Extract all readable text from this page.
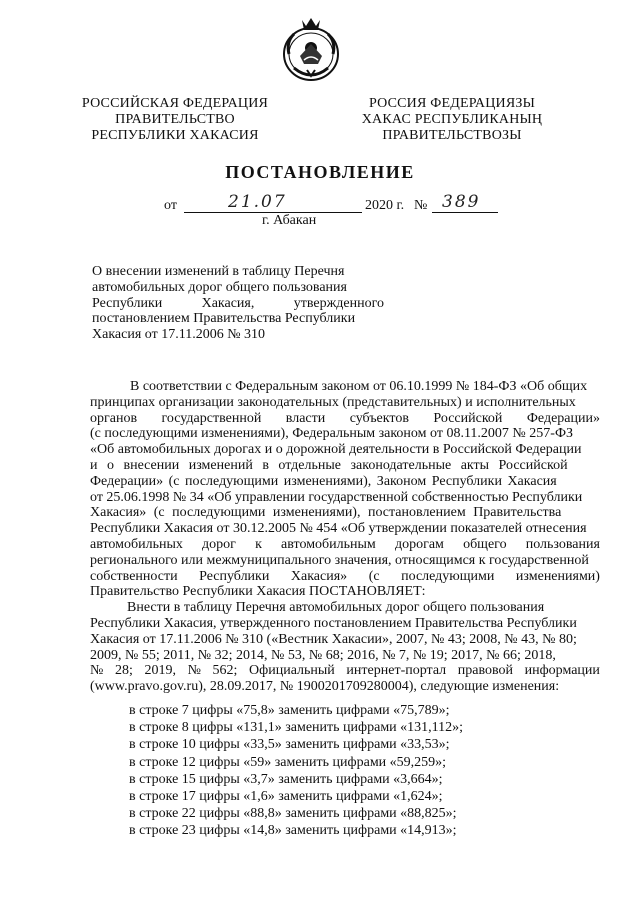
РОССИЙСКАЯ ФЕДЕРАЦИЯ
ПРАВИТЕЛЬСТВО
РЕСПУБЛИКИ ХАКАСИЯ
РОССИЯ ФЕДЕРАЦИЯЗЫ
ХАКАС РЕСПУБЛИКАНЫҢ
ПРАВИТЕЛЬСТВОЗЫ
ПОСТАНОВЛЕНИЕ
от	21.07	2020 г. № 389
г. Абакан
О внесении изменений в таблицу Перечня
автомобильных дорог общего пользования
Республики	Хакасия,	утвержденного
постановлением Правительства Республики
Хакасия от 17.11.2006 № 310
В соответствии с Федеральным законом от 06.10.1999 № 184-ФЗ «Об общих
принципах организации законодательных (представительных) и исполнительных
органов государственной власти субъектов Российской Федерации»
(с последующими изменениями), Федеральным законом от 08.11.2007 № 257-ФЗ
«Об автомобильных дорогах и о дорожной деятельности в Российской Федерации
и о внесении изменений в отдельные законодательные акты Российской
Федерации» (с последующими изменениями), Законом Республики Хакасия
от 25.06.1998 № 34 «Об управлении государственной собственностью Республики
Хакасия» (с последующими изменениями), постановлением Правительства
Республики Хакасия от 30.12.2005 № 454 «Об утверждении показателей отнесения
автомобильных дорог к автомобильным дорогам общего пользования
регионального или межмуниципального значения, относящимся к государственной
собственности Республики Хакасия» (с последующими изменениями)
Правительство Республики Хакасия ПОСТАНОВЛЯЕТ:
Внести в таблицу Перечня автомобильных дорог общего пользования
Республики Хакасия, утвержденного постановлением Правительства Республики
Хакасия от 17.11.2006 № 310 («Вестник Хакасии», 2007, № 43; 2008, № 43, № 80;
2009, № 55; 2011, № 32; 2014, № 53, № 68; 2016, № 7, № 19; 2017, № 66; 2018,
№ 28; 2019, № 562; Официальный интернет-портал правовой информации
(www.pravo.gov.ru), 28.09.2017, № 1900201709280004), следующие изменения:
в строке 7 цифры «75,8» заменить цифрами «75,789»;
в строке 8 цифры «131,1» заменить цифрами «131,112»;
в строке 10 цифры «33,5» заменить цифрами «33,53»;
в строке 12 цифры «59» заменить цифрами «59,259»;
в строке 15 цифры «3,7» заменить цифрами «3,664»;
в строке 17 цифры «1,6» заменить цифрами «1,624»;
в строке 22 цифры «88,8» заменить цифрами «88,825»;
в строке 23 цифры «14,8» заменить цифрами «14,913»;
